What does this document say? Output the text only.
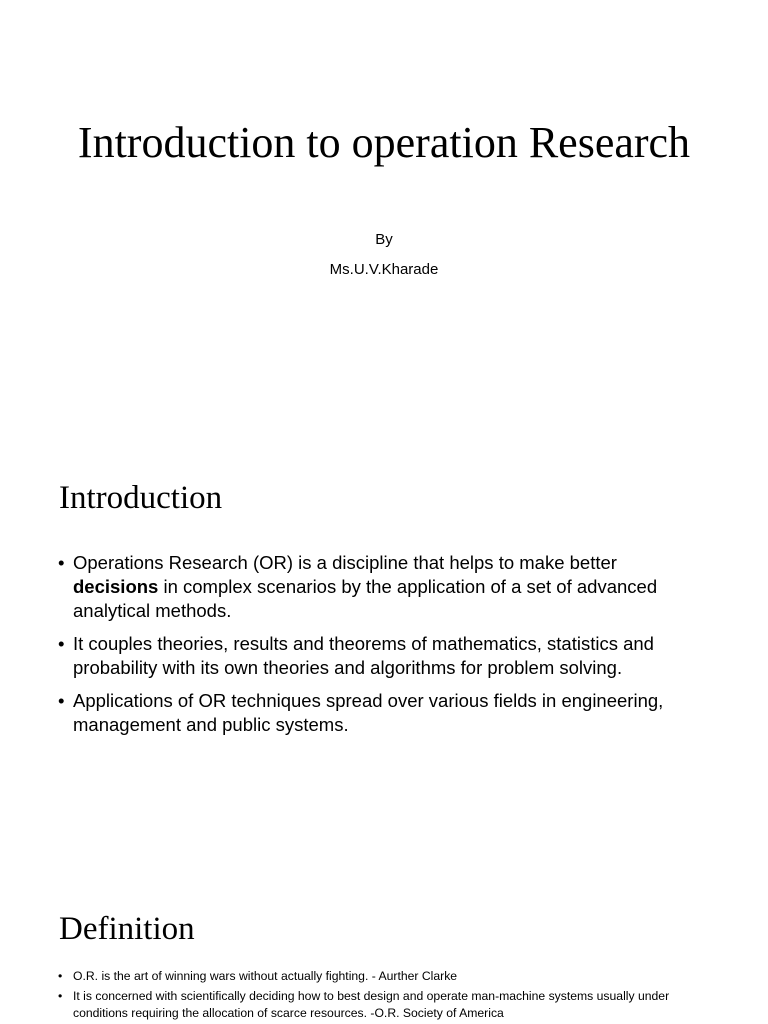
Introduction to operation Research
By
Ms.U.V.Kharade
Introduction
• Operations Research (OR) is a discipline that helps to make better decisions in complex scenarios by the application of a set of advanced analytical methods.
• It couples theories, results and theorems of mathematics, statistics and probability with its own theories and algorithms for problem solving.
• Applications of OR techniques spread over various fields in engineering, management and public systems.
Definition
• O.R. is the art of winning wars without actually fighting. - Aurther Clarke
• It is concerned with scientifically deciding how to best design and operate man-machine systems usually under conditions requiring the allocation of scarce resources. -O.R. Society of America
